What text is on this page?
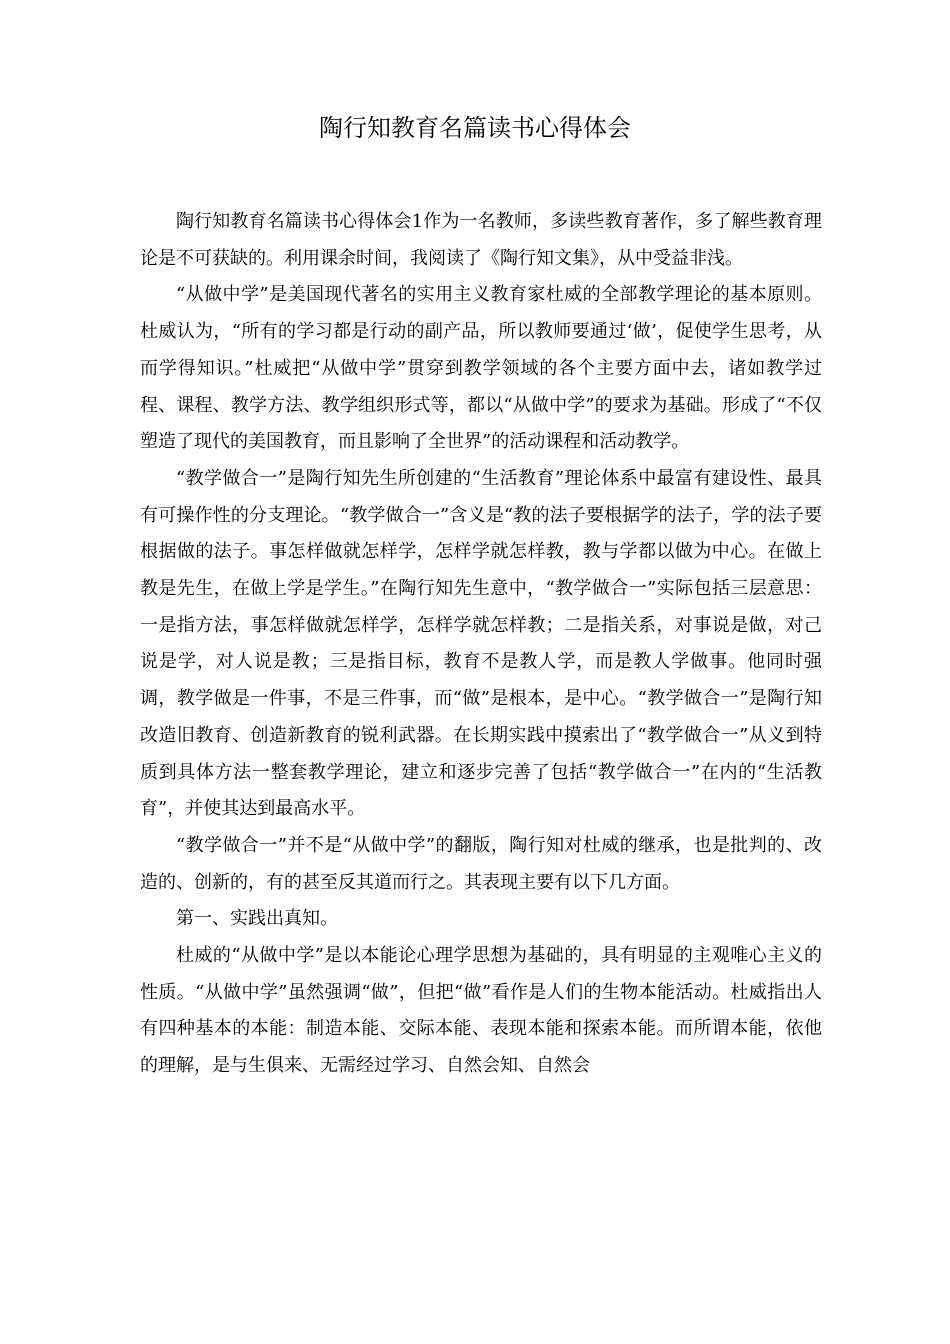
陶行知教育名篇读书心得体会

陶行知教育名篇读书心得体会1作为一名教师，多读些教育著作，多了解些教育理论是不可获缺的。利用课余时间，我阅读了《陶行知文集》，从中受益非浅。

“从做中学”是美国现代著名的实用主义教育家杜威的全部教学理论的基本原则。杜威认为，“所有的学习都是行动的副产品，所以教师要通过‘做’，促使学生思考，从而学得知识。”杜威把“从做中学”贯穿到教学领域的各个主要方面中去，诸如教学过程、课程、教学方法、教学组织形式等，都以“从做中学”的要求为基础。形成了“不仅塑造了现代的美国教育，而且影响了全世界”的活动课程和活动教学。

“教学做合一”是陶行知先生所创建的“生活教育”理论体系中最富有建设性、最具有可操作性的分支理论。“教学做合一”含义是“教的法子要根据学的法子，学的法子要根据做的法子。事怎样做就怎样学，怎样学就怎样教，教与学都以做为中心。在做上教是先生，在做上学是学生。”在陶行知先生意中，“教学做合一”实际包括三层意思：一是指方法，事怎样做就怎样学，怎样学就怎样教；二是指关系，对事说是做，对己说是学，对人说是教；三是指目标，教育不是教人学，而是教人学做事。他同时强调，教学做是一件事，不是三件事，而“做”是根本，是中心。“教学做合一”是陶行知改造旧教育、创造新教育的锐利武器。在长期实践中摸索出了“教学做合一”从义到特质到具体方法一整套教学理论，建立和逐步完善了包括“教学做合一”在内的“生活教育”，并使其达到最高水平。

“教学做合一”并不是“从做中学”的翻版，陶行知对杜威的继承，也是批判的、改造的、创新的，有的甚至反其道而行之。其表现主要有以下几方面。

第一、实践出真知。

杜威的“从做中学”是以本能论心理学思想为基础的，具有明显的主观唯心主义的性质。“从做中学”虽然强调“做”，但把“做”看作是人们的生物本能活动。杜威指出人有四种基本的本能：制造本能、交际本能、表现本能和探索本能。而所谓本能，依他的理解，是与生俱来、无需经过学习、自然会知、自然会
